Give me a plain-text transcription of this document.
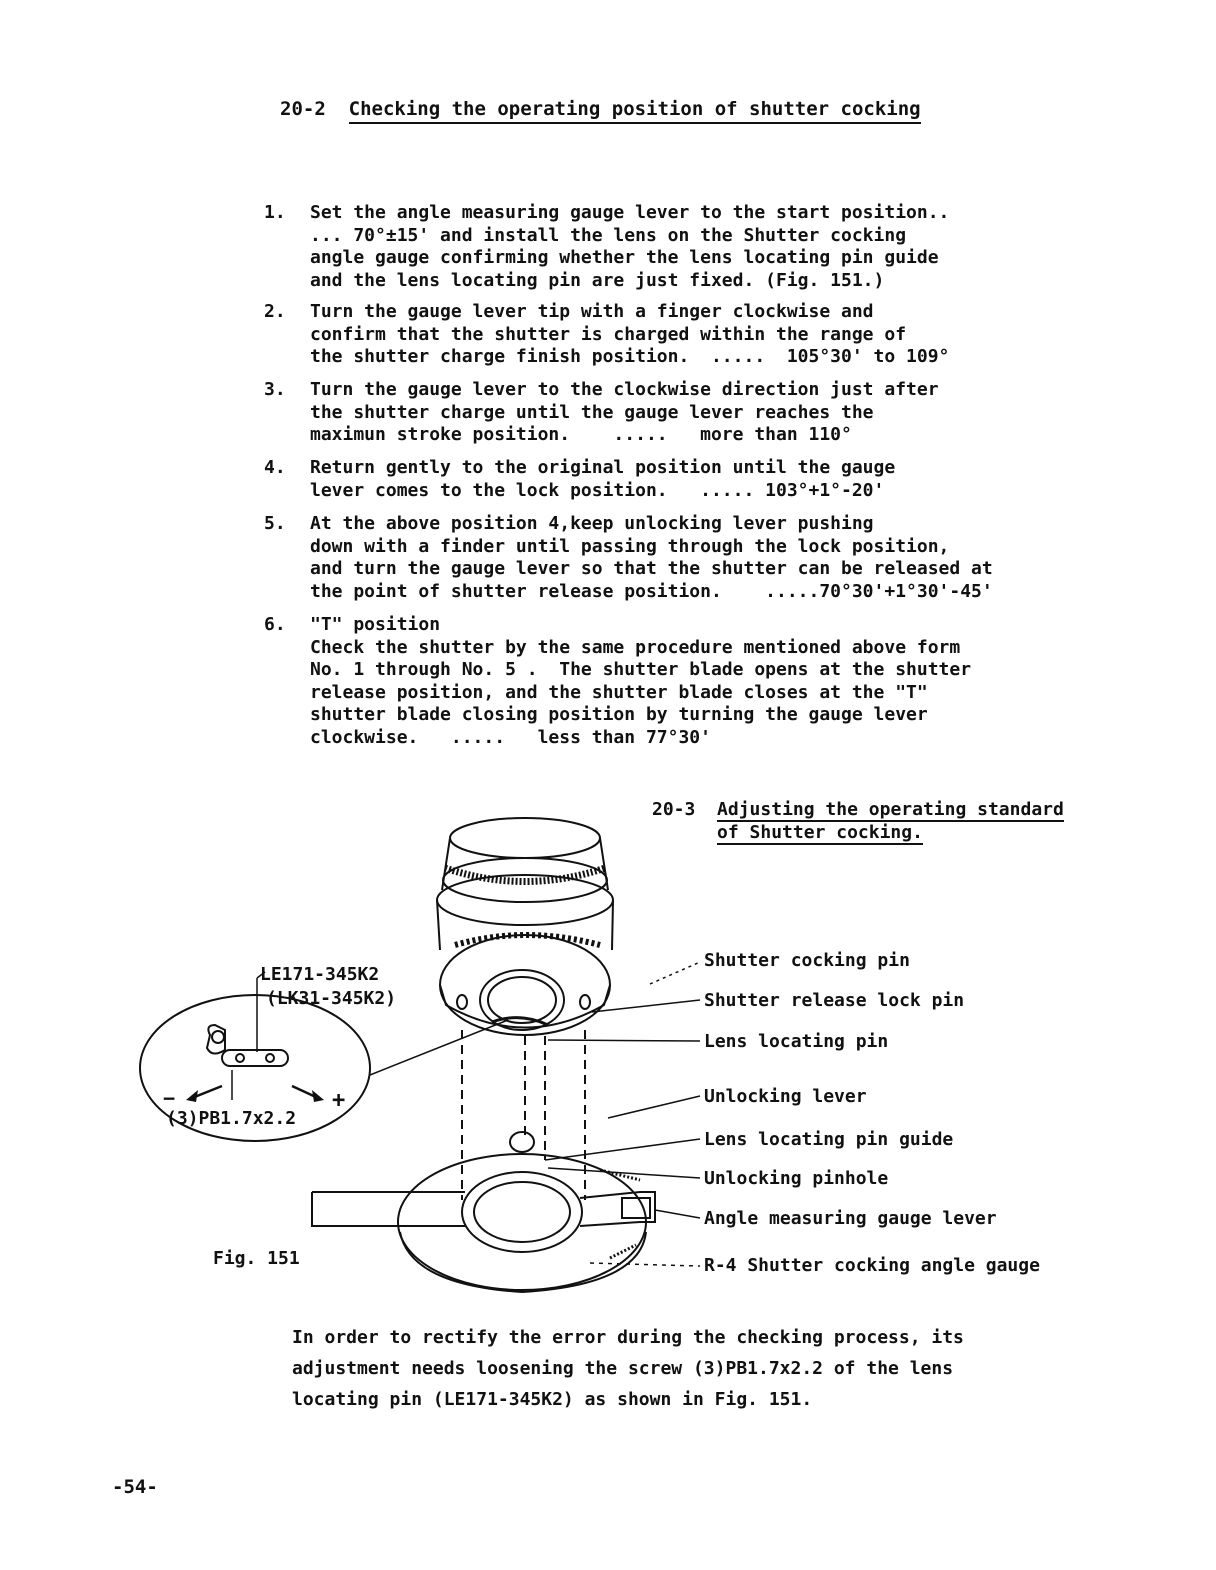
20-2 Checking the operating position of shutter cocking
1. Set the angle measuring gauge lever to the start position..
... 70°±15' and install the lens on the Shutter cocking
angle gauge confirming whether the lens locating pin guide
and the lens locating pin are just fixed. (Fig. 151.)
2. Turn the gauge lever tip with a finger clockwise and
confirm that the shutter is charged within the range of
the shutter charge finish position.  .....  105°30' to 109°
3. Turn the gauge lever to the clockwise direction just after
the shutter charge until the gauge lever reaches the
maximun stroke position.    .....   more than 110°
4. Return gently to the original position until the gauge
lever comes to the lock position.   ..... 103°+1°-20'
5. At the above position 4,keep unlocking lever pushing
down with a finder until passing through the lock position,
and turn the gauge lever so that the shutter can be released at
the point of shutter release position.    .....70°30'+1°30'-45'
6. "T" position
Check the shutter by the same procedure mentioned above form
No. 1 through No. 5 .  The shutter blade opens at the shutter
release position, and the shutter blade closes at the "T"
shutter blade closing position by turning the gauge lever
clockwise.   .....   less than 77°30'
20-3 Adjusting the operating standard
of Shutter cocking.
LE171-345K2
(LK31-345K2)
(3)PB1.7x2.2
−	+
Shutter cocking pin
Shutter release lock pin
Lens locating pin
Unlocking lever
Lens locating pin guide
Unlocking pinhole
Angle measuring gauge lever
R-4 Shutter cocking angle gauge
Fig. 151
In order to rectify the error during the checking process, its
adjustment needs loosening the screw (3)PB1.7x2.2 of the lens
locating pin (LE171-345K2) as shown in Fig. 151.
-54-
